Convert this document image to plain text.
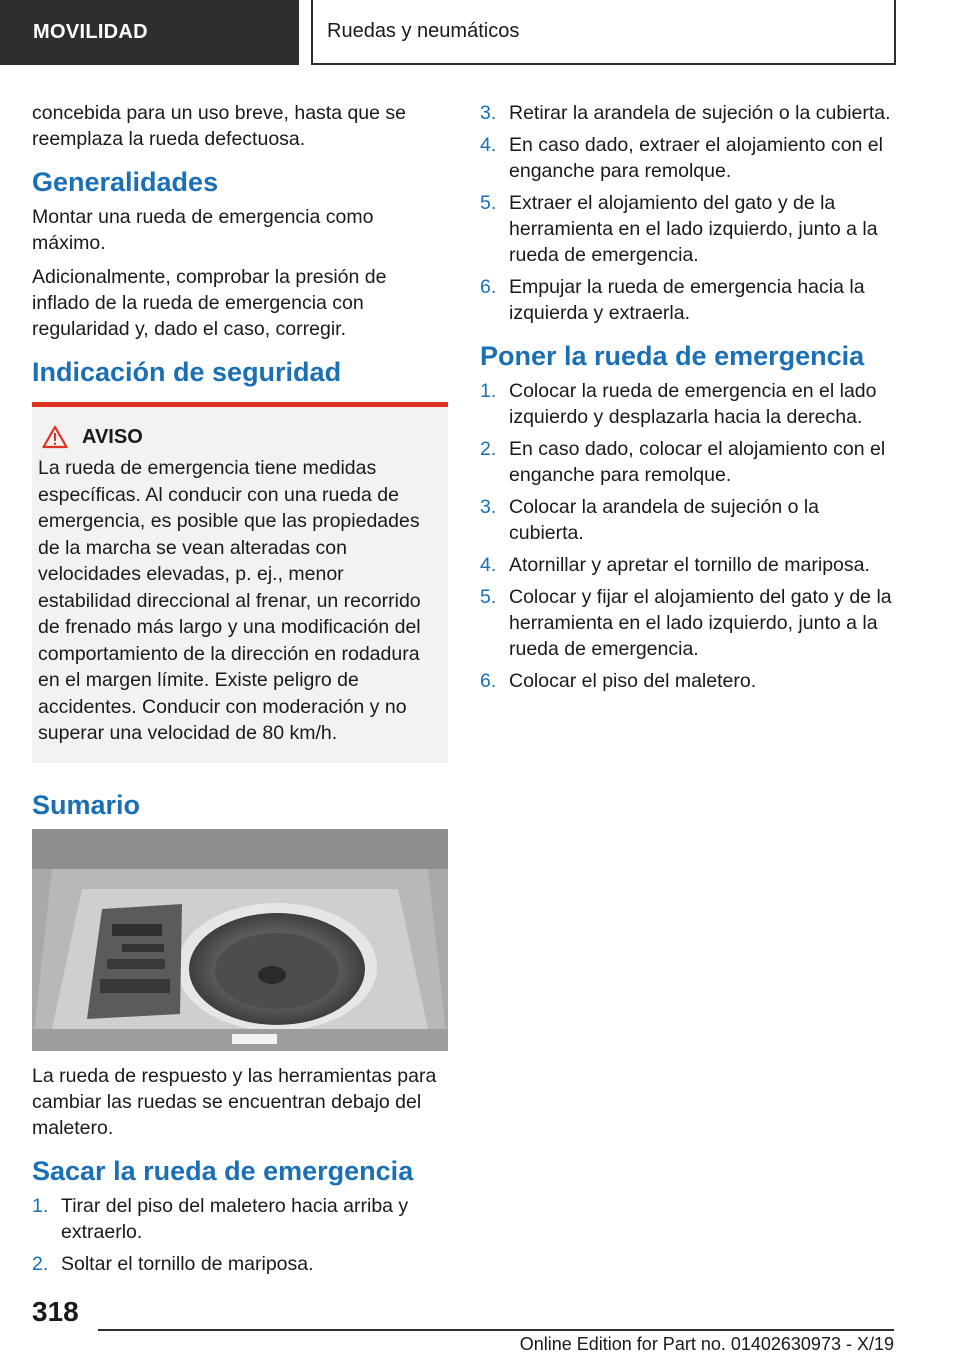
MOVILIDAD	Ruedas y neumáticos

concebida para un uso breve, hasta que se reemplaza la rueda defectuosa.

Generalidades

Montar una rueda de emergencia como máximo.

Adicionalmente, comprobar la presión de inflado de la rueda de emergencia con regularidad y, dado el caso, corregir.

Indicación de seguridad
AVISO

La rueda de emergencia tiene medidas específicas. Al conducir con una rueda de emergencia, es posible que las propiedades de la marcha se vean alteradas con velocidades elevadas, p. ej., menor estabilidad direccional al frenar, un recorrido de frenado más largo y una modificación del comportamiento de la dirección en rodadura en el margen límite. Existe peligro de accidentes. Conducir con moderación y no superar una velocidad de 80 km/h.

Sumario

La rueda de respuesto y las herramientas para cambiar las ruedas se encuentran debajo del maletero.

Sacar la rueda de emergencia
1. Tirar del piso del maletero hacia arriba y extraerlo.
2. Soltar el tornillo de mariposa.
3. Retirar la arandela de sujeción o la cubierta.
4. En caso dado, extraer el alojamiento con el enganche para remolque.
5. Extraer el alojamiento del gato y de la herramienta en el lado izquierdo, junto a la rueda de emergencia.
6. Empujar la rueda de emergencia hacia la izquierda y extraerla.
Poner la rueda de emergencia
1. Colocar la rueda de emergencia en el lado izquierdo y desplazarla hacia la derecha.
2. En caso dado, colocar el alojamiento con el enganche para remolque.
3. Colocar la arandela de sujeción o la cubierta.
4. Atornillar y apretar el tornillo de mariposa.
5. Colocar y fijar el alojamiento del gato y de la herramienta en el lado izquierdo, junto a la rueda de emergencia.
6. Colocar el piso del maletero.
318
Online Edition for Part no. 01402630973 - X/19
